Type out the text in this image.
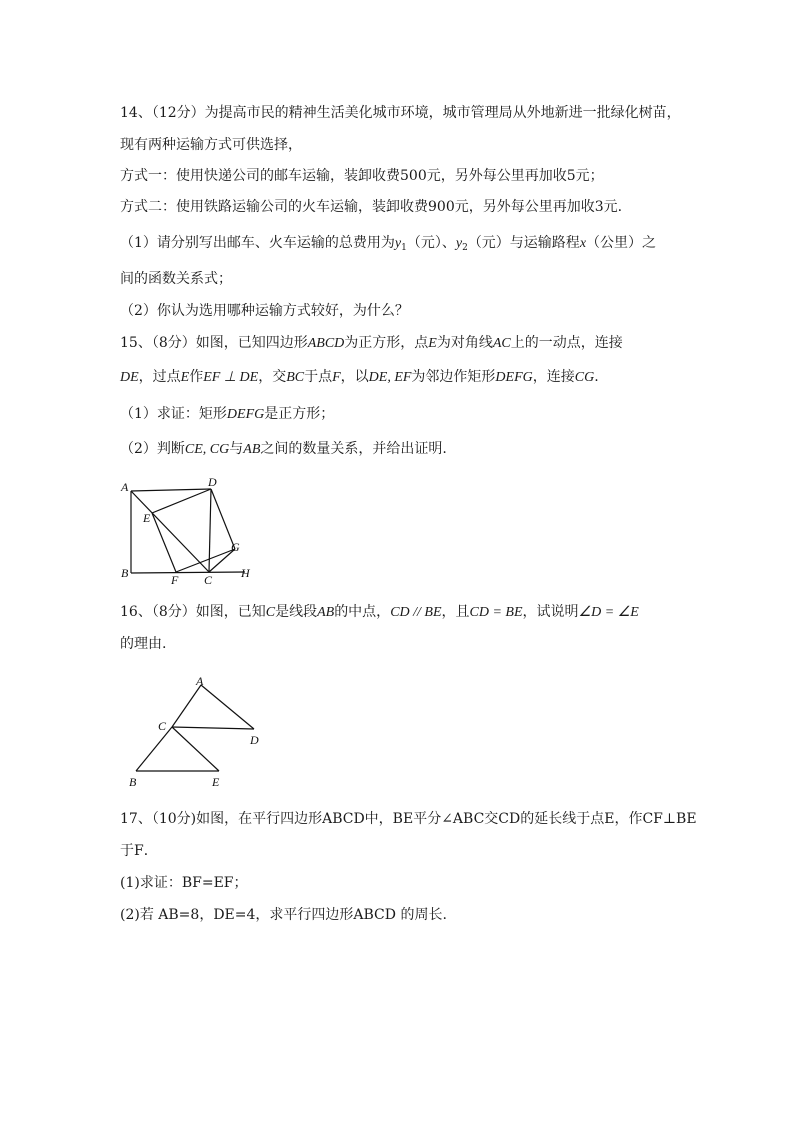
14、（12分）为提高市民的精神生活美化城市环境，城市管理局从外地新进一批绿化树苗，
现有两种运输方式可供选择，
方式一：使用快递公司的邮车运输，装卸收费500元，另外每公里再加收5元；
方式二：使用铁路运输公司的火车运输，装卸收费900元，另外每公里再加收3元.
（1）请分别写出邮车、火车运输的总费用为$y_1$（元）、$y_2$（元）与运输路程x（公里）之
间的函数关系式；
（2）你认为选用哪种运输方式较好，为什么？
15、（8分）如图，已知四边形ABCD为正方形，点E为对角线AC上的一动点，连接
DE，过点E作EF ⊥ DE，交BC于点F，以DE, EF为邻边作矩形DEFG，连接CG.
（1）求证：矩形DEFG是正方形；
（2）判断CE, CG与AB之间的数量关系，并给出证明.
A	D
E
G
B	F C H
16、（8分）如图，已知C是线段AB的中点，CD // BE，且CD = BE，试说明∠D = ∠E
的理由.
A
C
D
B	E
17、（10分)如图，在平行四边形ABCD中，BE平分∠ABC交CD的延长线于点E，作CF⊥BE
于F．
(1)求证：BF=EF；
(2)若 AB=8，DE=4，求平行四边形ABCD 的周长.
